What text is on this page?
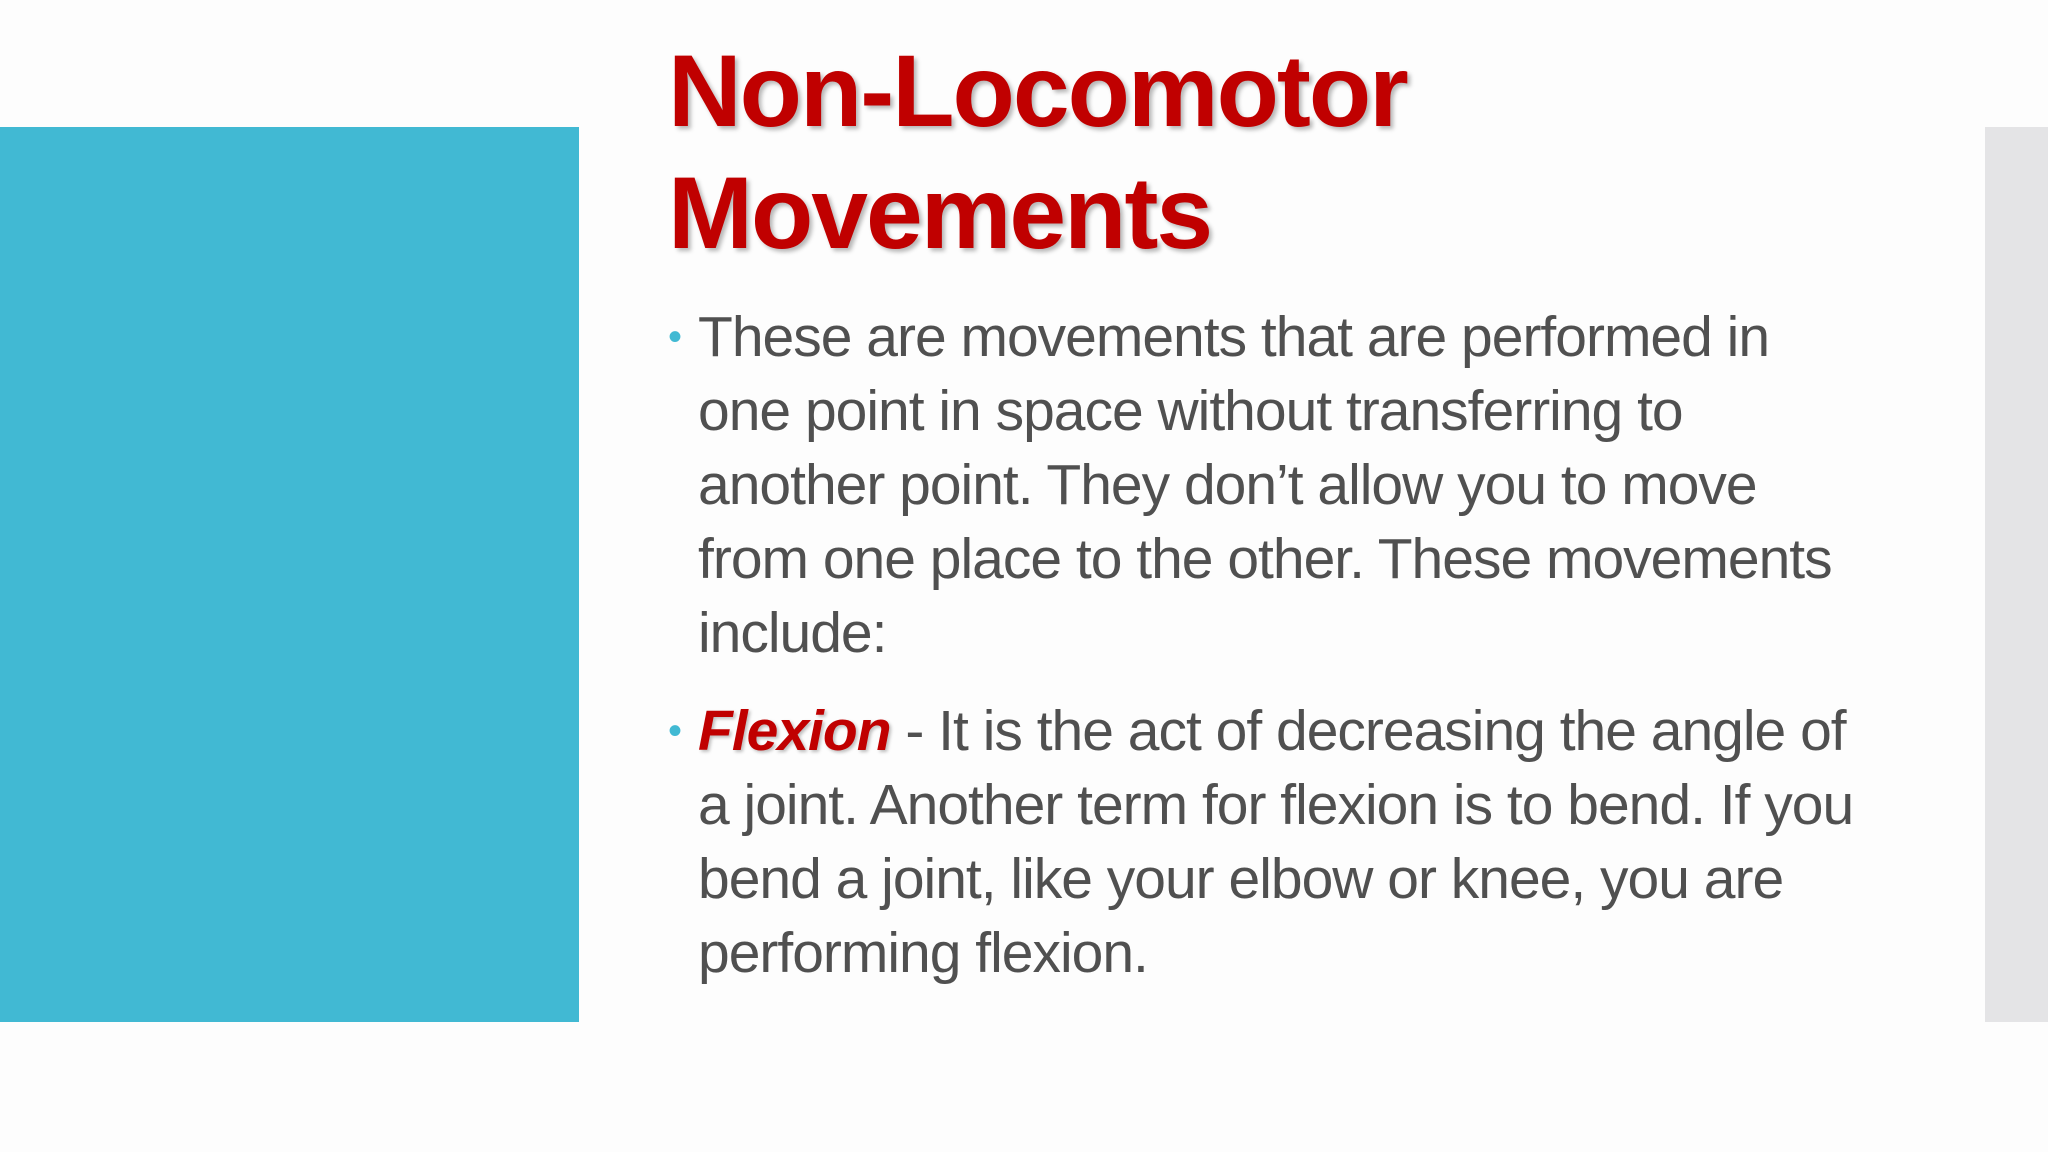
Non-Locomotor Movements
• These are movements that are performed in one point in space without transferring to another point. They don’t allow you to move from one place to the other. These movements include:
• Flexion - It is the act of decreasing the angle of a joint. Another term for flexion is to bend. If you bend a joint, like your elbow or knee, you are performing flexion.
